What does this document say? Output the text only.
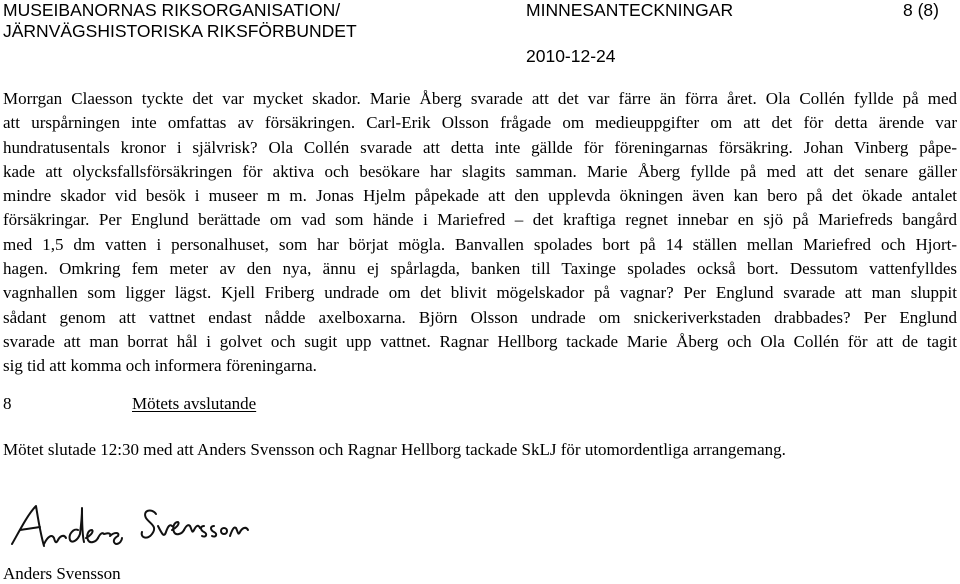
MUSEIBANORNAS RIKSORGANISATION/
JÄRNVÄGSHISTORISKA RIKSFÖRBUNDET
MINNESANTECKNINGAR	8 (8)
2010-12-24
Morrgan Claesson tyckte det var mycket skador. Marie Åberg svarade att det var färre än förra året. Ola Collén fyllde på med
att urspårningen inte omfattas av försäkringen. Carl-Erik Olsson frågade om medieuppgifter om att det för detta ärende var
hundratusentals kronor i självrisk? Ola Collén svarade att detta inte gällde för föreningarnas försäkring. Johan Vinberg påpe-
kade att olycksfallsförsäkringen för aktiva och besökare har slagits samman. Marie Åberg fyllde på med att det senare gäller
mindre skador vid besök i museer m m. Jonas Hjelm påpekade att den upplevda ökningen även kan bero på det ökade antalet
försäkringar. Per Englund berättade om vad som hände i Mariefred – det kraftiga regnet innebar en sjö på Mariefreds bangård
med 1,5 dm vatten i personalhuset, som har börjat mögla. Banvallen spolades bort på 14 ställen mellan Mariefred och Hjort-
hagen. Omkring fem meter av den nya, ännu ej spårlagda, banken till Taxinge spolades också bort. Dessutom vattenfylldes
vagnhallen som ligger lägst. Kjell Friberg undrade om det blivit mögelskador på vagnar? Per Englund svarade att man sluppit
sådant genom att vattnet endast nådde axelboxarna. Björn Olsson undrade om snickeriverkstaden drabbades? Per Englund
svarade att man borrat hål i golvet och sugit upp vattnet. Ragnar Hellborg tackade Marie Åberg och Ola Collén för att de tagit
sig tid att komma och informera föreningarna.
8	Mötets avslutande
Mötet slutade 12:30 med att Anders Svensson och Ragnar Hellborg tackade SkLJ för utomordentliga arrangemang.
Anders Svensson
